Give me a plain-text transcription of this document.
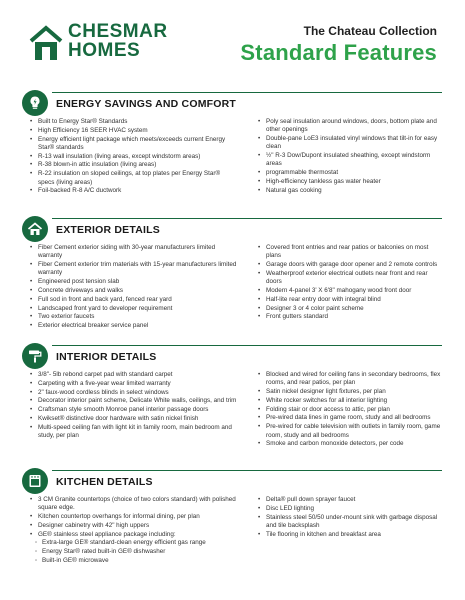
CHESMAR
HOMES
The Chateau Collection
Standard Features
ENERGY SAVINGS AND COMFORT
• Built to Energy Star® Standards
• High Efficiency 16 SEER HVAC system
• Energy efficient light package which meets/exceeds current Energy Star® standards
• R-13 wall insulation (living areas, except windstorm areas)
• R-38 blown-in attic insulation (living areas)
• R-22 insulation on sloped ceilings, at top plates per Energy Star® specs (living areas)
• Foil-backed R-8 A/C ductwork
• Poly seal insulation around windows, doors, bottom plate and other openings
• Double-pane LoE3 insulated vinyl windows that tilt-in for easy clean
• ½" R-3 Dow/Dupont insulated sheathing, except windstorm areas
• programmable thermostat
• High-efficiency tankless gas water heater
• Natural gas cooking
EXTERIOR DETAILS
• Fiber Cement exterior siding with 30-year manufacturers limited warranty
• Fiber Cement exterior trim materials with 15-year manufacturers limited warranty
• Engineered post tension slab
• Concrete driveways and walks
• Full sod in front and back yard, fenced rear yard
• Landscaped front yard to developer requirement
• Two exterior faucets
• Exterior electrical breaker service panel
• Covered front entries and rear patios or balconies on most plans
• Garage doors with garage door opener and 2 remote controls
• Weatherproof exterior electrical outlets near front and rear doors
• Modern 4-panel 3' X 6'8" mahogany wood front door
• Half-lite rear entry door with integral blind
• Designer 3 or 4 color paint scheme
• Front gutters standard
INTERIOR DETAILS
• 3/8"- 5lb rebond carpet pad with standard carpet
• Carpeting with a five-year wear limited warranty
• 2" faux-wood cordless blinds in select windows
• Decorator interior paint scheme, Delicate White walls, ceilings, and trim
• Craftsman style smooth Monroe panel interior passage doors
• Kwikset® distinctive door hardware with satin nickel finish
• Multi-speed ceiling fan with light kit in family room, main bedroom and study, per plan
• Blocked and wired for ceiling fans in secondary bedrooms, flex rooms, and rear patios, per plan
• Satin nickel designer light fixtures, per plan
• White rocker switches for all interior lighting
• Folding stair or door access to attic, per plan
• Pre-wired data lines in game room, study and all bedrooms
• Pre-wired for cable television with outlets in family room, game room, study and all bedrooms
• Smoke and carbon monoxide detectors, per code
KITCHEN DETAILS
• 3 CM Granite countertops (choice of two colors standard) with polished square edge.
• Kitchen countertop overhangs for informal dining, per plan
• Designer cabinetry with 42" high uppers
• GE® stainless steel appliance package including:
◦ Extra-large GE® standard-clean energy efficient gas range
◦ Energy Star® rated built-in GE® dishwasher
◦ Built-in GE® microwave
• Delta® pull down sprayer faucet
• Disc LED lighting
• Stainless steel 50/50 under-mount sink with garbage disposal and tile backsplash
• Tile flooring in kitchen and breakfast area
